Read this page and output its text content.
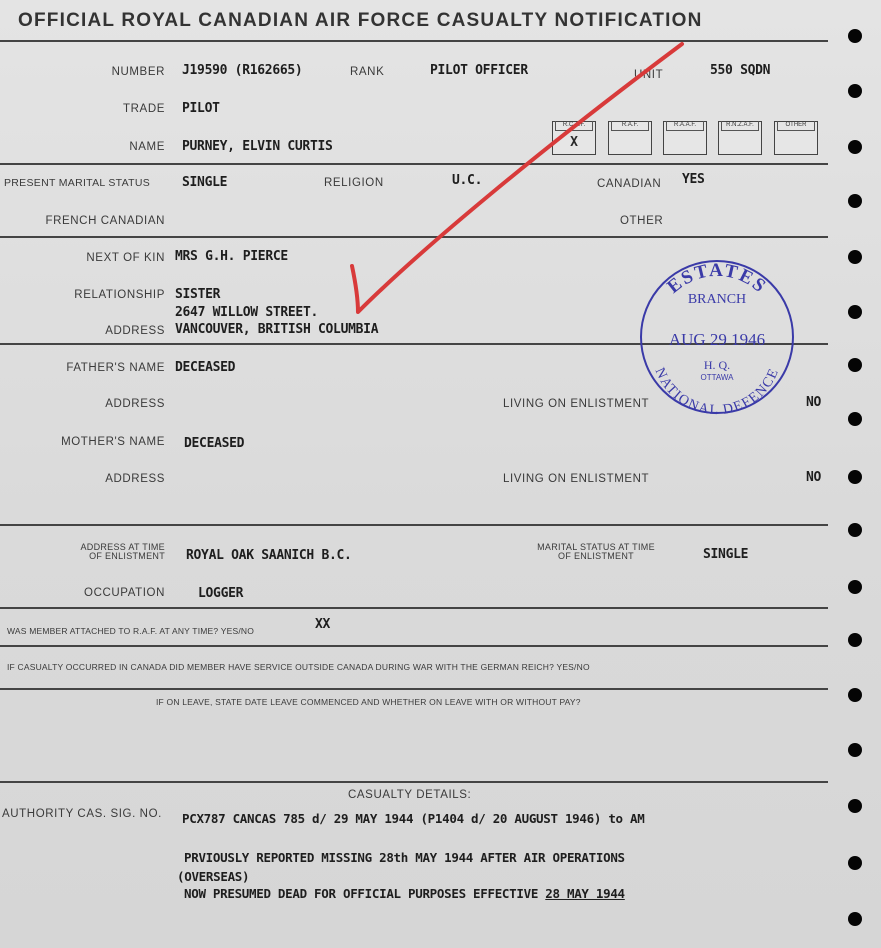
OFFICIAL ROYAL CANADIAN AIR FORCE CASUALTY NOTIFICATION
NUMBER J19590 (R162665)	RANK	PILOT OFFICER	UNIT	550 SQDN
TRADE PILOT
R.C.A.F.
X
R.A.F.	R.A.A.F.	R.N.Z.A.F.	OTHER
NAME PURNEY, ELVIN CURTIS
PRESENT MARITAL STATUS SINGLE	RELIGION	U.C.	CANADIAN YES
FRENCH CANADIAN	OTHER
NEXT OF KIN MRS G.H. PIERCE
RELATIONSHIP SISTER
2647 WILLOW STREET.
ADDRESS VANCOUVER, BRITISH COLUMBIA
FATHER'S NAME DECEASED
ADDRESS	LIVING ON ENLISTMENT	NO
MOTHER'S NAME DECEASED
ADDRESS	LIVING ON ENLISTMENT	NO
ADDRESS AT TIME
OF ENLISTMENT ROYAL OAK SAANICH B.C.
MARITAL STATUS AT TIME
OF ENLISTMENT	SINGLE
OCCUPATION	LOGGER
WAS MEMBER ATTACHED TO R.A.F. AT ANY TIME? YES/NO	XX
IF CASUALTY OCCURRED IN CANADA DID MEMBER HAVE SERVICE OUTSIDE CANADA DURING WAR WITH THE GERMAN REICH? YES/NO
IF ON LEAVE, STATE DATE LEAVE COMMENCED AND WHETHER ON LEAVE WITH OR WITHOUT PAY?
CASUALTY DETAILS:
AUTHORITY CAS. SIG. NO. PCX787 CANCAS 785 d/ 29 MAY 1944 (P1404 d/ 20 AUGUST 1946) to AM
PRVIOUSLY REPORTED MISSING 28th MAY 1944 AFTER AIR OPERATIONS
(OVERSEAS)
NOW PRESUMED DEAD FOR OFFICIAL PURPOSES EFFECTIVE 28 MAY 1944
ESTATES
BRANCH
AUG 29 1946
H. Q.
OTTAWA
NATIONAL DEFENCE
